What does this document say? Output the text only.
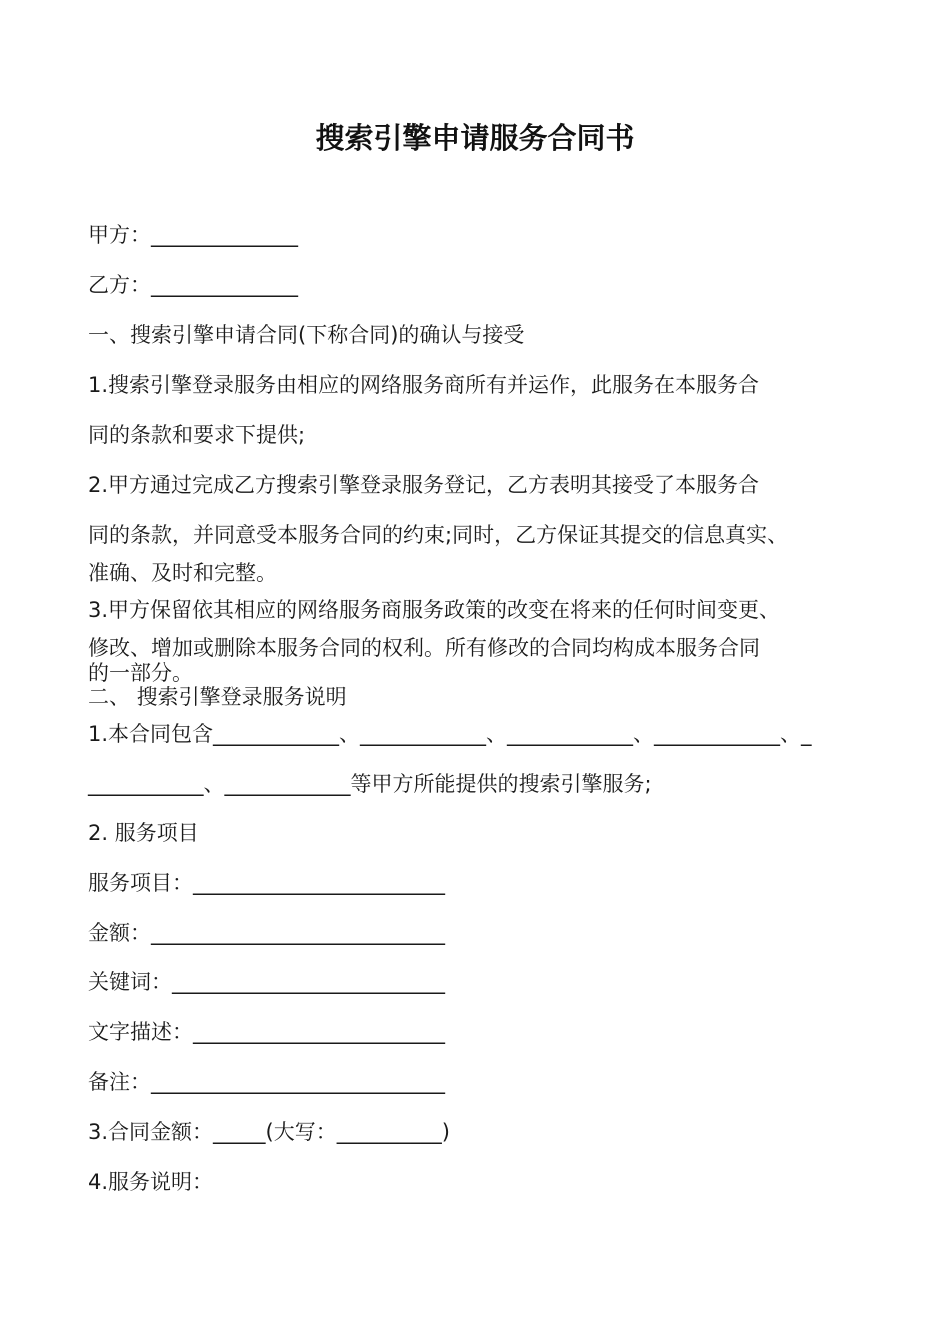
搜索引擎申请服务合同书
甲方：______________
乙方：______________
一、搜索引擎申请合同(下称合同)的确认与接受
1.搜索引擎登录服务由相应的网络服务商所有并运作，此服务在本服务合
同的条款和要求下提供;
2.甲方通过完成乙方搜索引擎登录服务登记，乙方表明其接受了本服务合
同的条款，并同意受本服务合同的约束;同时，乙方保证其提交的信息真实、
准确、及时和完整。
3.甲方保留依其相应的网络服务商服务政策的改变在将来的任何时间变更、
修改、增加或删除本服务合同的权利。所有修改的合同均构成本服务合同
的一部分。
二、 搜索引擎登录服务说明
1.本合同包含____________、____________、____________、____________、_
___________、____________等甲方所能提供的搜索引擎服务;
2. 服务项目
服务项目：________________________
金额：____________________________
关键词：__________________________
文字描述：________________________
备注：____________________________
3.合同金额：_____(大写：__________)
4.服务说明：
